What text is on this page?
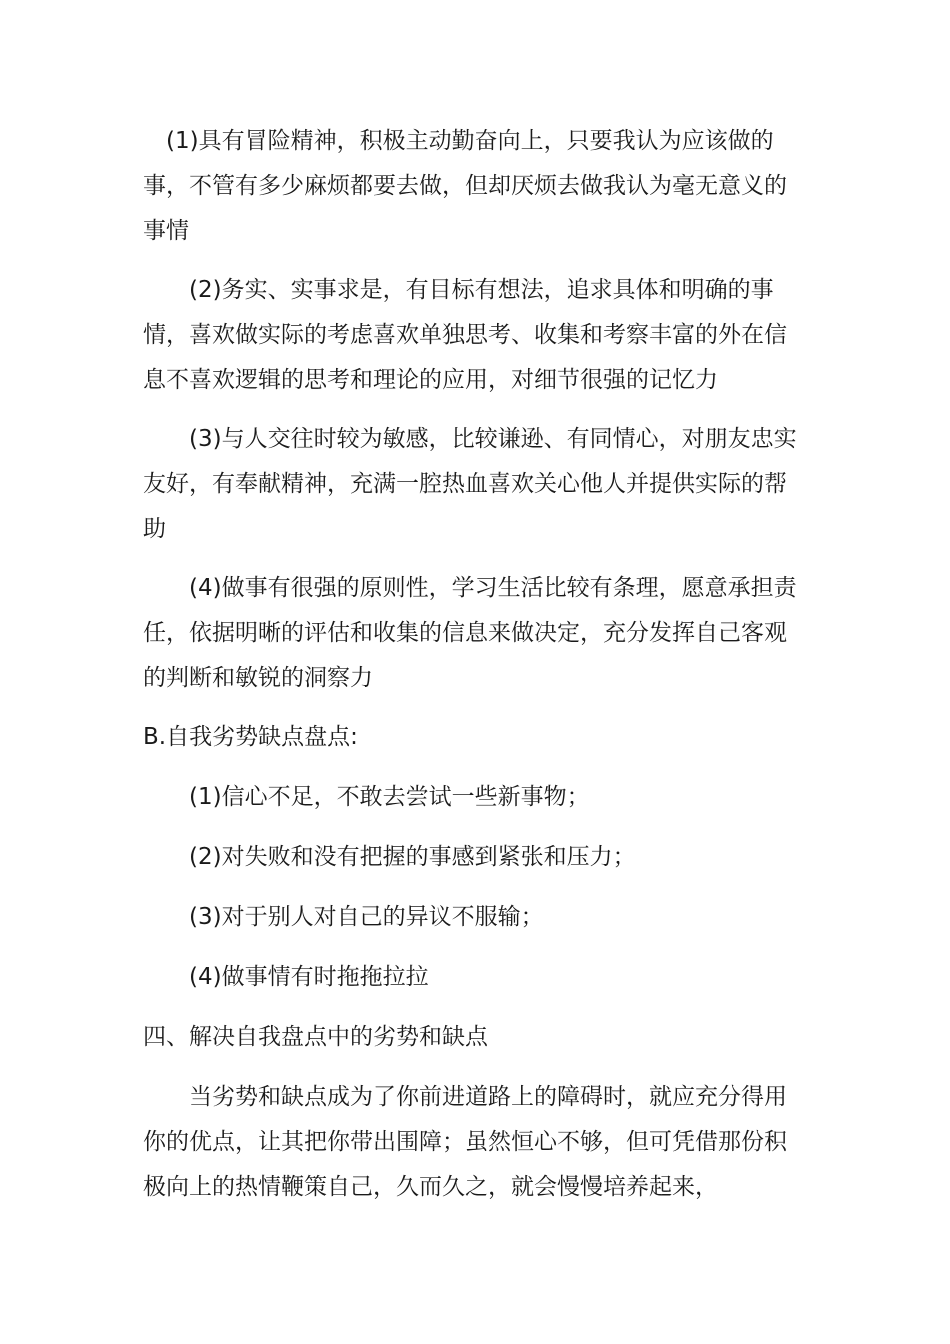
(1)具有冒险精神，积极主动勤奋向上，只要我认为应该做的事，不管有多少麻烦都要去做，但却厌烦去做我认为毫无意义的事情

(2)务实、实事求是，有目标有想法，追求具体和明确的事情，喜欢做实际的考虑喜欢单独思考、收集和考察丰富的外在信息不喜欢逻辑的思考和理论的应用，对细节很强的记忆力

(3)与人交往时较为敏感，比较谦逊、有同情心，对朋友忠实友好，有奉献精神，充满一腔热血喜欢关心他人并提供实际的帮助

(4)做事有很强的原则性，学习生活比较有条理，愿意承担责任，依据明晰的评估和收集的信息来做决定，充分发挥自己客观的判断和敏锐的洞察力

B.自我劣势缺点盘点:

(1)信心不足，不敢去尝试一些新事物；

(2)对失败和没有把握的事感到紧张和压力；

(3)对于别人对自己的异议不服输；

(4)做事情有时拖拖拉拉

四、解决自我盘点中的劣势和缺点

当劣势和缺点成为了你前进道路上的障碍时，就应充分得用你的优点，让其把你带出围障；虽然恒心不够，但可凭借那份积极向上的热情鞭策自己，久而久之，就会慢慢培养起来，
